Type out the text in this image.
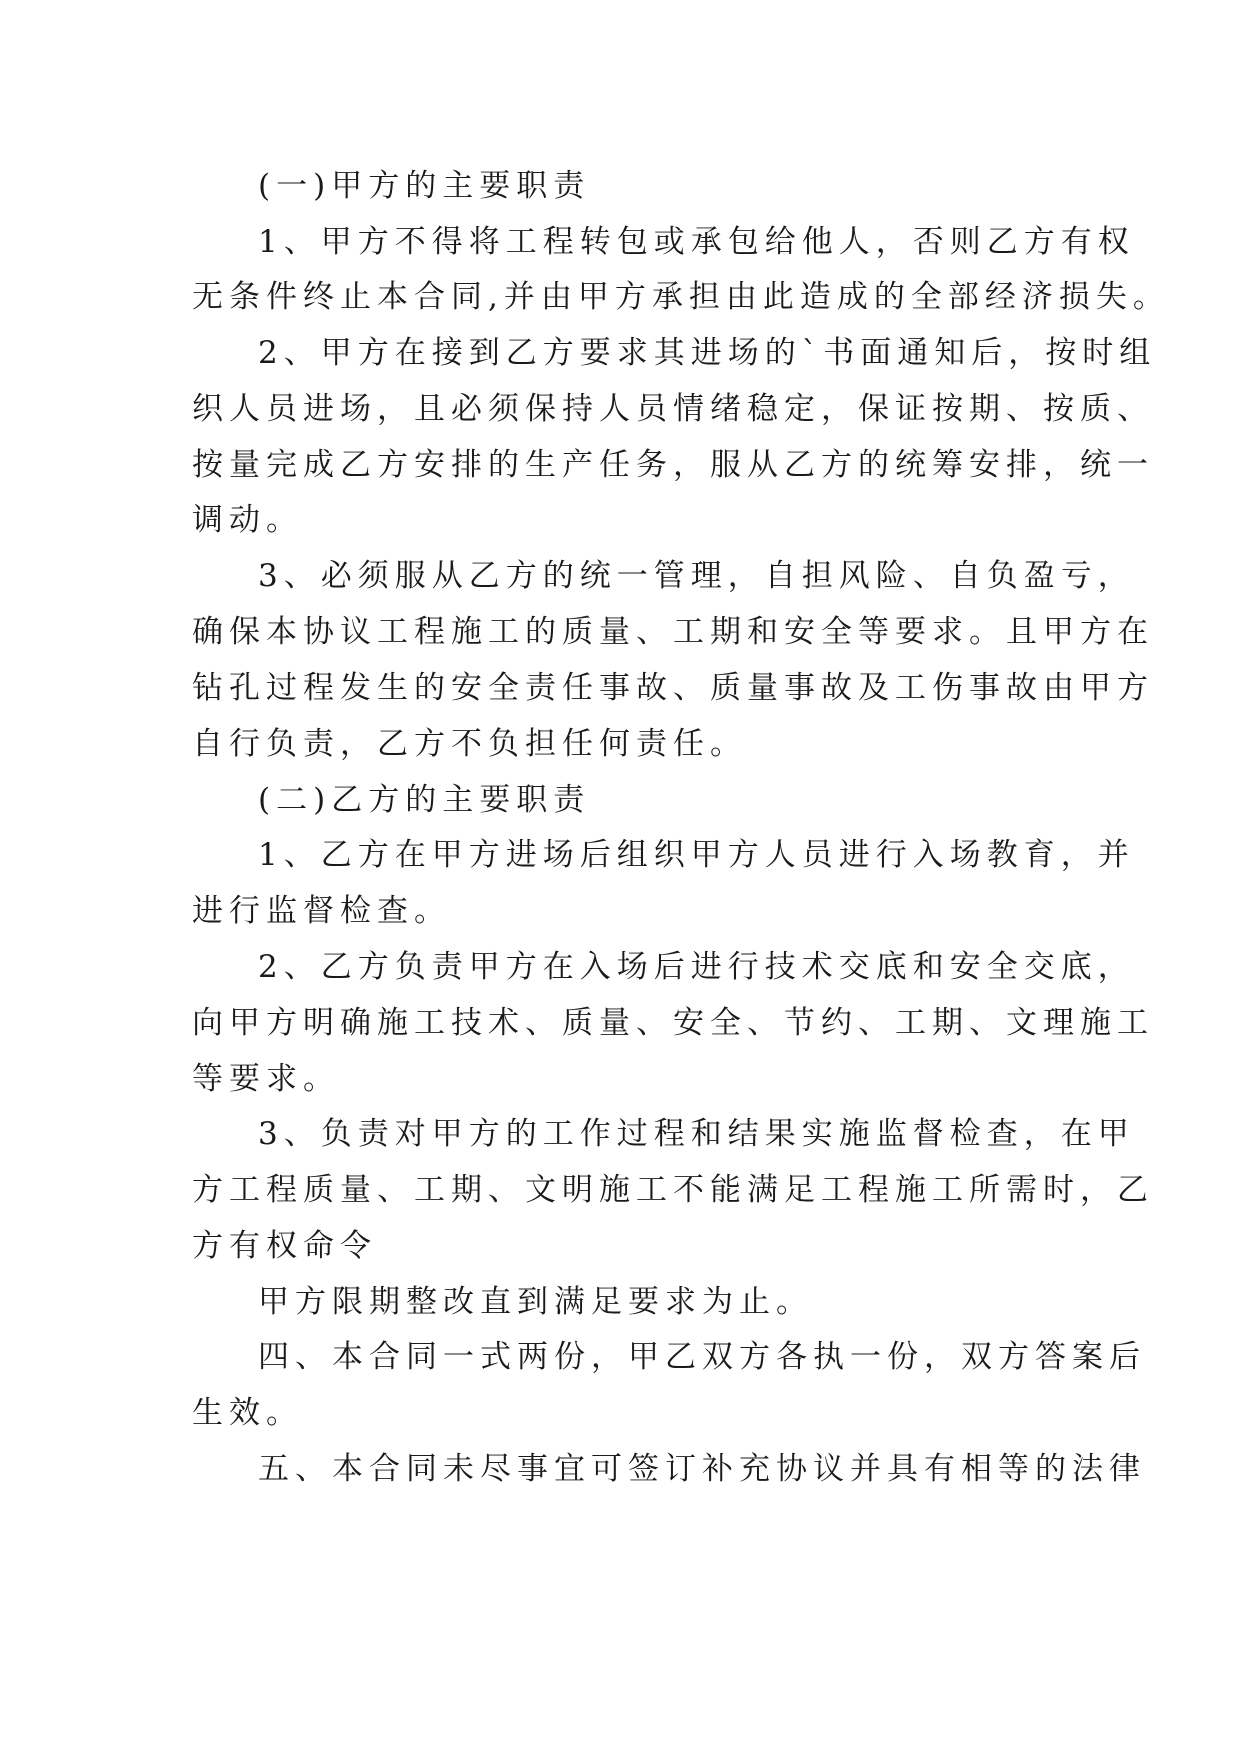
(一)甲方的主要职责
1、甲方不得将工程转包或承包给他人，否则乙方有权
无条件终止本合同,并由甲方承担由此造成的全部经济损失。
2、甲方在接到乙方要求其进场的`书面通知后，按时组
织人员进场，且必须保持人员情绪稳定，保证按期、按质、
按量完成乙方安排的生产任务，服从乙方的统筹安排，统一
调动。
3、必须服从乙方的统一管理，自担风险、自负盈亏，
确保本协议工程施工的质量、工期和安全等要求。且甲方在
钻孔过程发生的安全责任事故、质量事故及工伤事故由甲方
自行负责，乙方不负担任何责任。
(二)乙方的主要职责
1、乙方在甲方进场后组织甲方人员进行入场教育，并
进行监督检查。
2、乙方负责甲方在入场后进行技术交底和安全交底，
向甲方明确施工技术、质量、安全、节约、工期、文理施工
等要求。
3、负责对甲方的工作过程和结果实施监督检查，在甲
方工程质量、工期、文明施工不能满足工程施工所需时，乙
方有权命令
甲方限期整改直到满足要求为止。
四、本合同一式两份，甲乙双方各执一份，双方答案后
生效。
五、本合同未尽事宜可签订补充协议并具有相等的法律
